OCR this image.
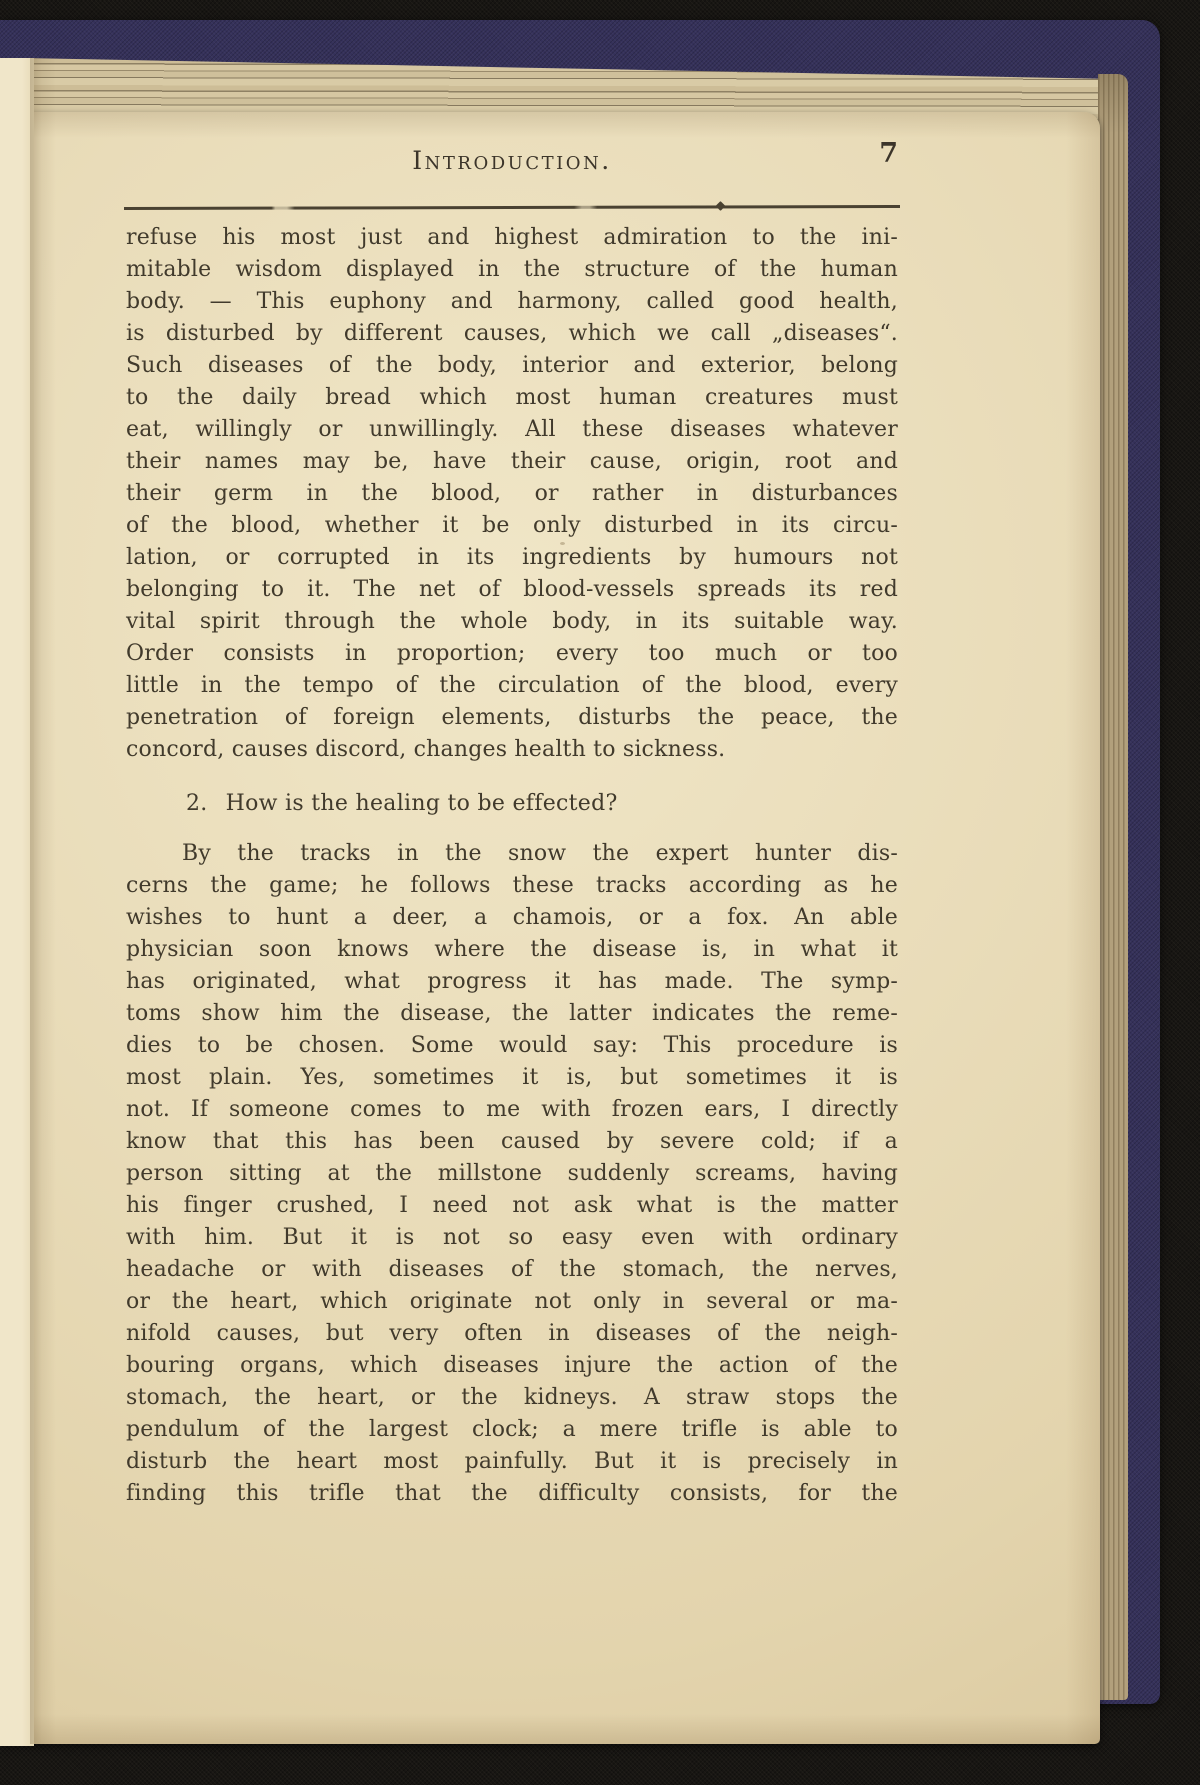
Introduction.	7
refuse his most just and highest admiration to the ini-
mitable wisdom displayed in the structure of the human
body. — This euphony and harmony, called good health,
is disturbed by different causes, which we call „diseases“.
Such diseases of the body, interior and exterior, belong
to the daily bread which most human creatures must
eat, willingly or unwillingly. All these diseases whatever
their names may be, have their cause, origin, root and
their germ in the blood, or rather in disturbances
of the blood, whether it be only disturbed in its circu-
lation, or corrupted in its ingredients by humours not
belonging to it. The net of blood-vessels spreads its red
vital spirit through the whole body, in its suitable way.
Order consists in proportion; every too much or too
little in the tempo of the circulation of the blood, every
penetration of foreign elements, disturbs the peace, the
concord, causes discord, changes health to sickness.
2. How is the healing to be effected?
By the tracks in the snow the expert hunter dis-
cerns the game; he follows these tracks according as he
wishes to hunt a deer, a chamois, or a fox. An able
physician soon knows where the disease is, in what it
has originated, what progress it has made. The symp-
toms show him the disease, the latter indicates the reme-
dies to be chosen. Some would say: This procedure is
most plain. Yes, sometimes it is, but sometimes it is
not. If someone comes to me with frozen ears, I directly
know that this has been caused by severe cold; if a
person sitting at the millstone suddenly screams, having
his finger crushed, I need not ask what is the matter
with him. But it is not so easy even with ordinary
headache or with diseases of the stomach, the nerves,
or the heart, which originate not only in several or ma-
nifold causes, but very often in diseases of the neigh-
bouring organs, which diseases injure the action of the
stomach, the heart, or the kidneys. A straw stops the
pendulum of the largest clock; a mere trifle is able to
disturb the heart most painfully. But it is precisely in
finding this trifle that the difficulty consists, for the
